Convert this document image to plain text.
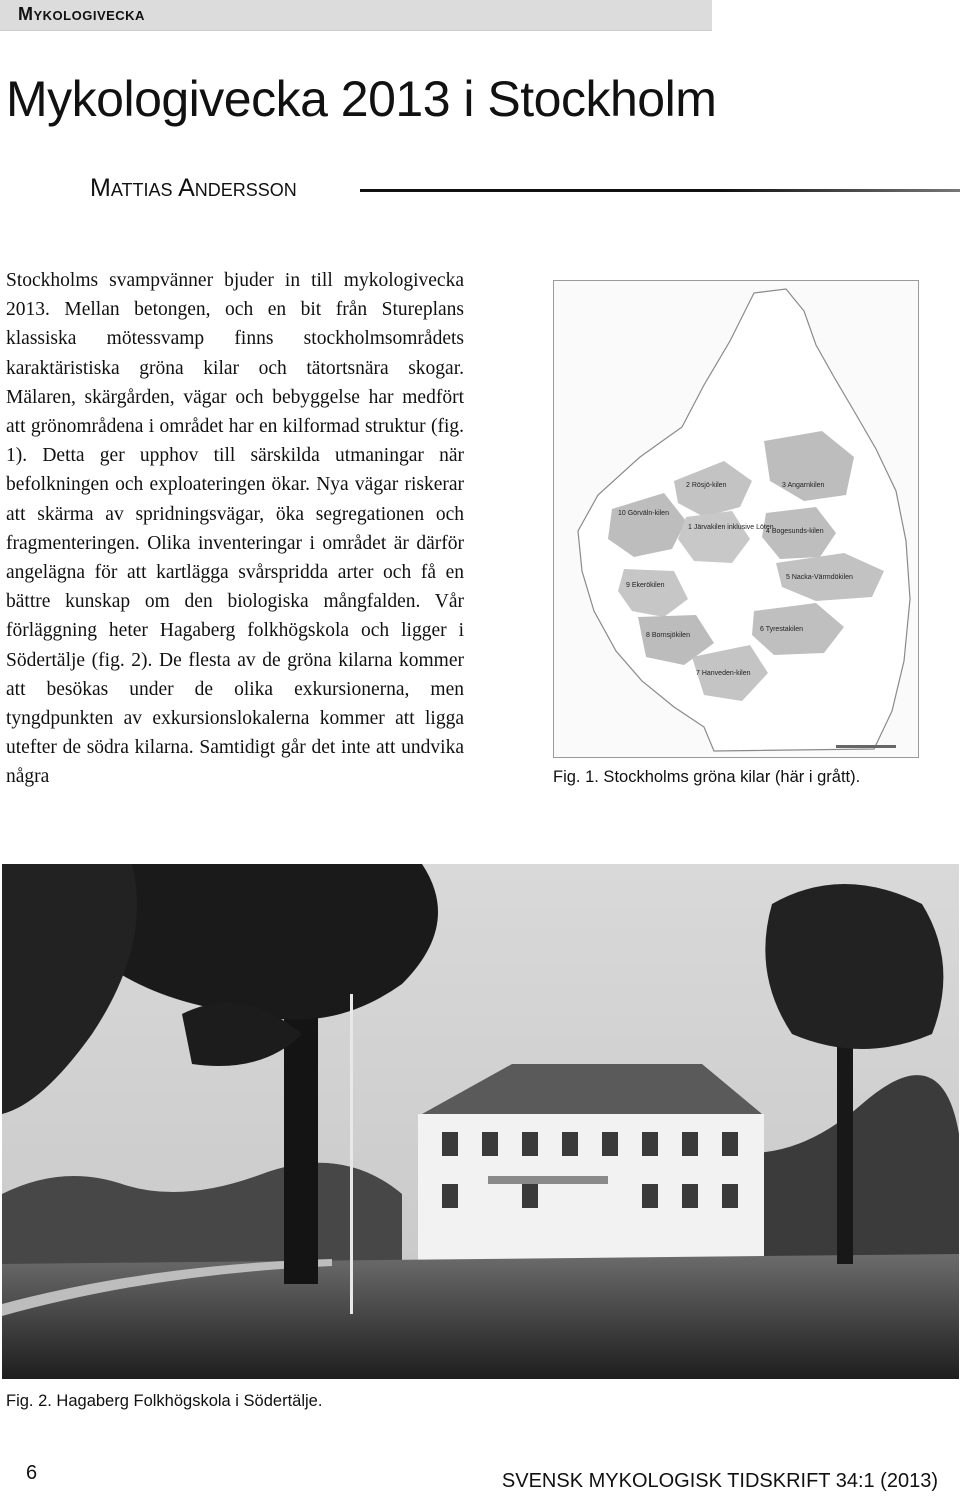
Mykologivecka
Mykologivecka 2013 i Stockholm
Mattias Andersson

Stockholms svampvänner bjuder in till mykologivecka 2013. Mellan betongen, och en bit från Stureplans klassiska mötessvamp finns stockholmsområdets karaktäristiska gröna kilar och tätortsnära skogar. Mälaren, skärgården, vägar och bebyggelse har medfört att grönområdena i området har en kilformad struktur (fig. 1). Detta ger upphov till särskilda utmaningar när befolkningen och exploateringen ökar. Nya vägar riskerar att skärma av spridningsvägar, öka segregationen och fragmenteringen. Olika inventeringar i området är därför angelägna för att kartlägga svårspridda arter och få en bättre kunskap om den biologiska mångfalden. Vår förläggning heter Hagaberg folkhögskola och ligger i Södertälje (fig. 2). De flesta av de gröna kilarna kommer att besökas under de olika exkursionerna, men tyngdpunkten av exkursionslokalerna kommer att ligga utefter de södra kilarna. Samtidigt går det inte att undvika några

3 Angarnkilen
2 Rösjö-kilen
10 Görväln-kilen
1 Järvakilen inklusive Löten
4 Bogesunds-kilen
5 Nacka-Värmdökilen
9 Ekerökilen
8 Bornsjökilen
7 Hanveden-kilen
6 Tyrestakilen
Fig. 1. Stockholms gröna kilar (här i grått).
Fig. 2. Hagaberg Folkhögskola i Södertälje.
6	SVENSK MYKOLOGISK TIDSKRIFT 34:1 (2013)
